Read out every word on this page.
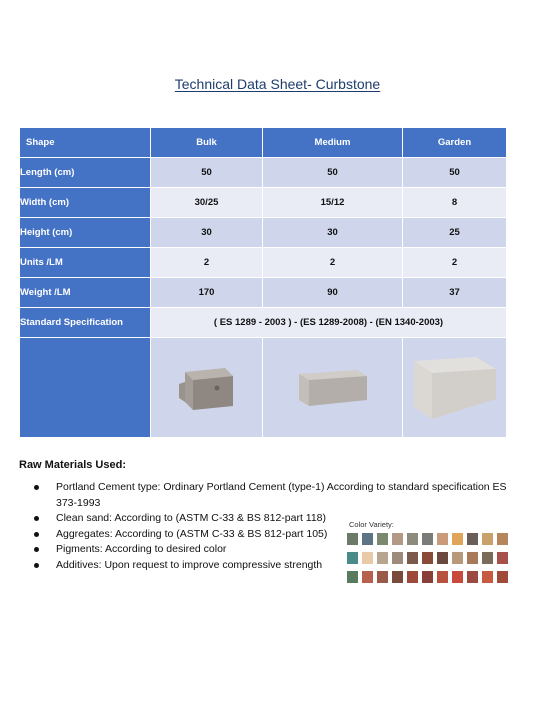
Technical Data Sheet- Curbstone
Shape	Bulk	Medium	Garden
Length (cm)	50	50	50
Width (cm)	30/25	15/12	8
Height (cm)	30	30	25
Units /LM	2	2	2
Weight /LM	170	90	37
Standard Specification	( ES 1289 - 2003 ) - (ES 1289-2008) - (EN 1340-2003)		

Raw Materials Used:
Portland Cement type: Ordinary Portland Cement (type-1) According to standard specification ES 373-1993
Clean sand: According to (ASTM C-33 & BS 812-part 118)
Aggregates: According to (ASTM C-33 & BS 812-part 105)
Pigments: According to desired color
Additives: Upon request to improve compressive strength
Color Variety:
